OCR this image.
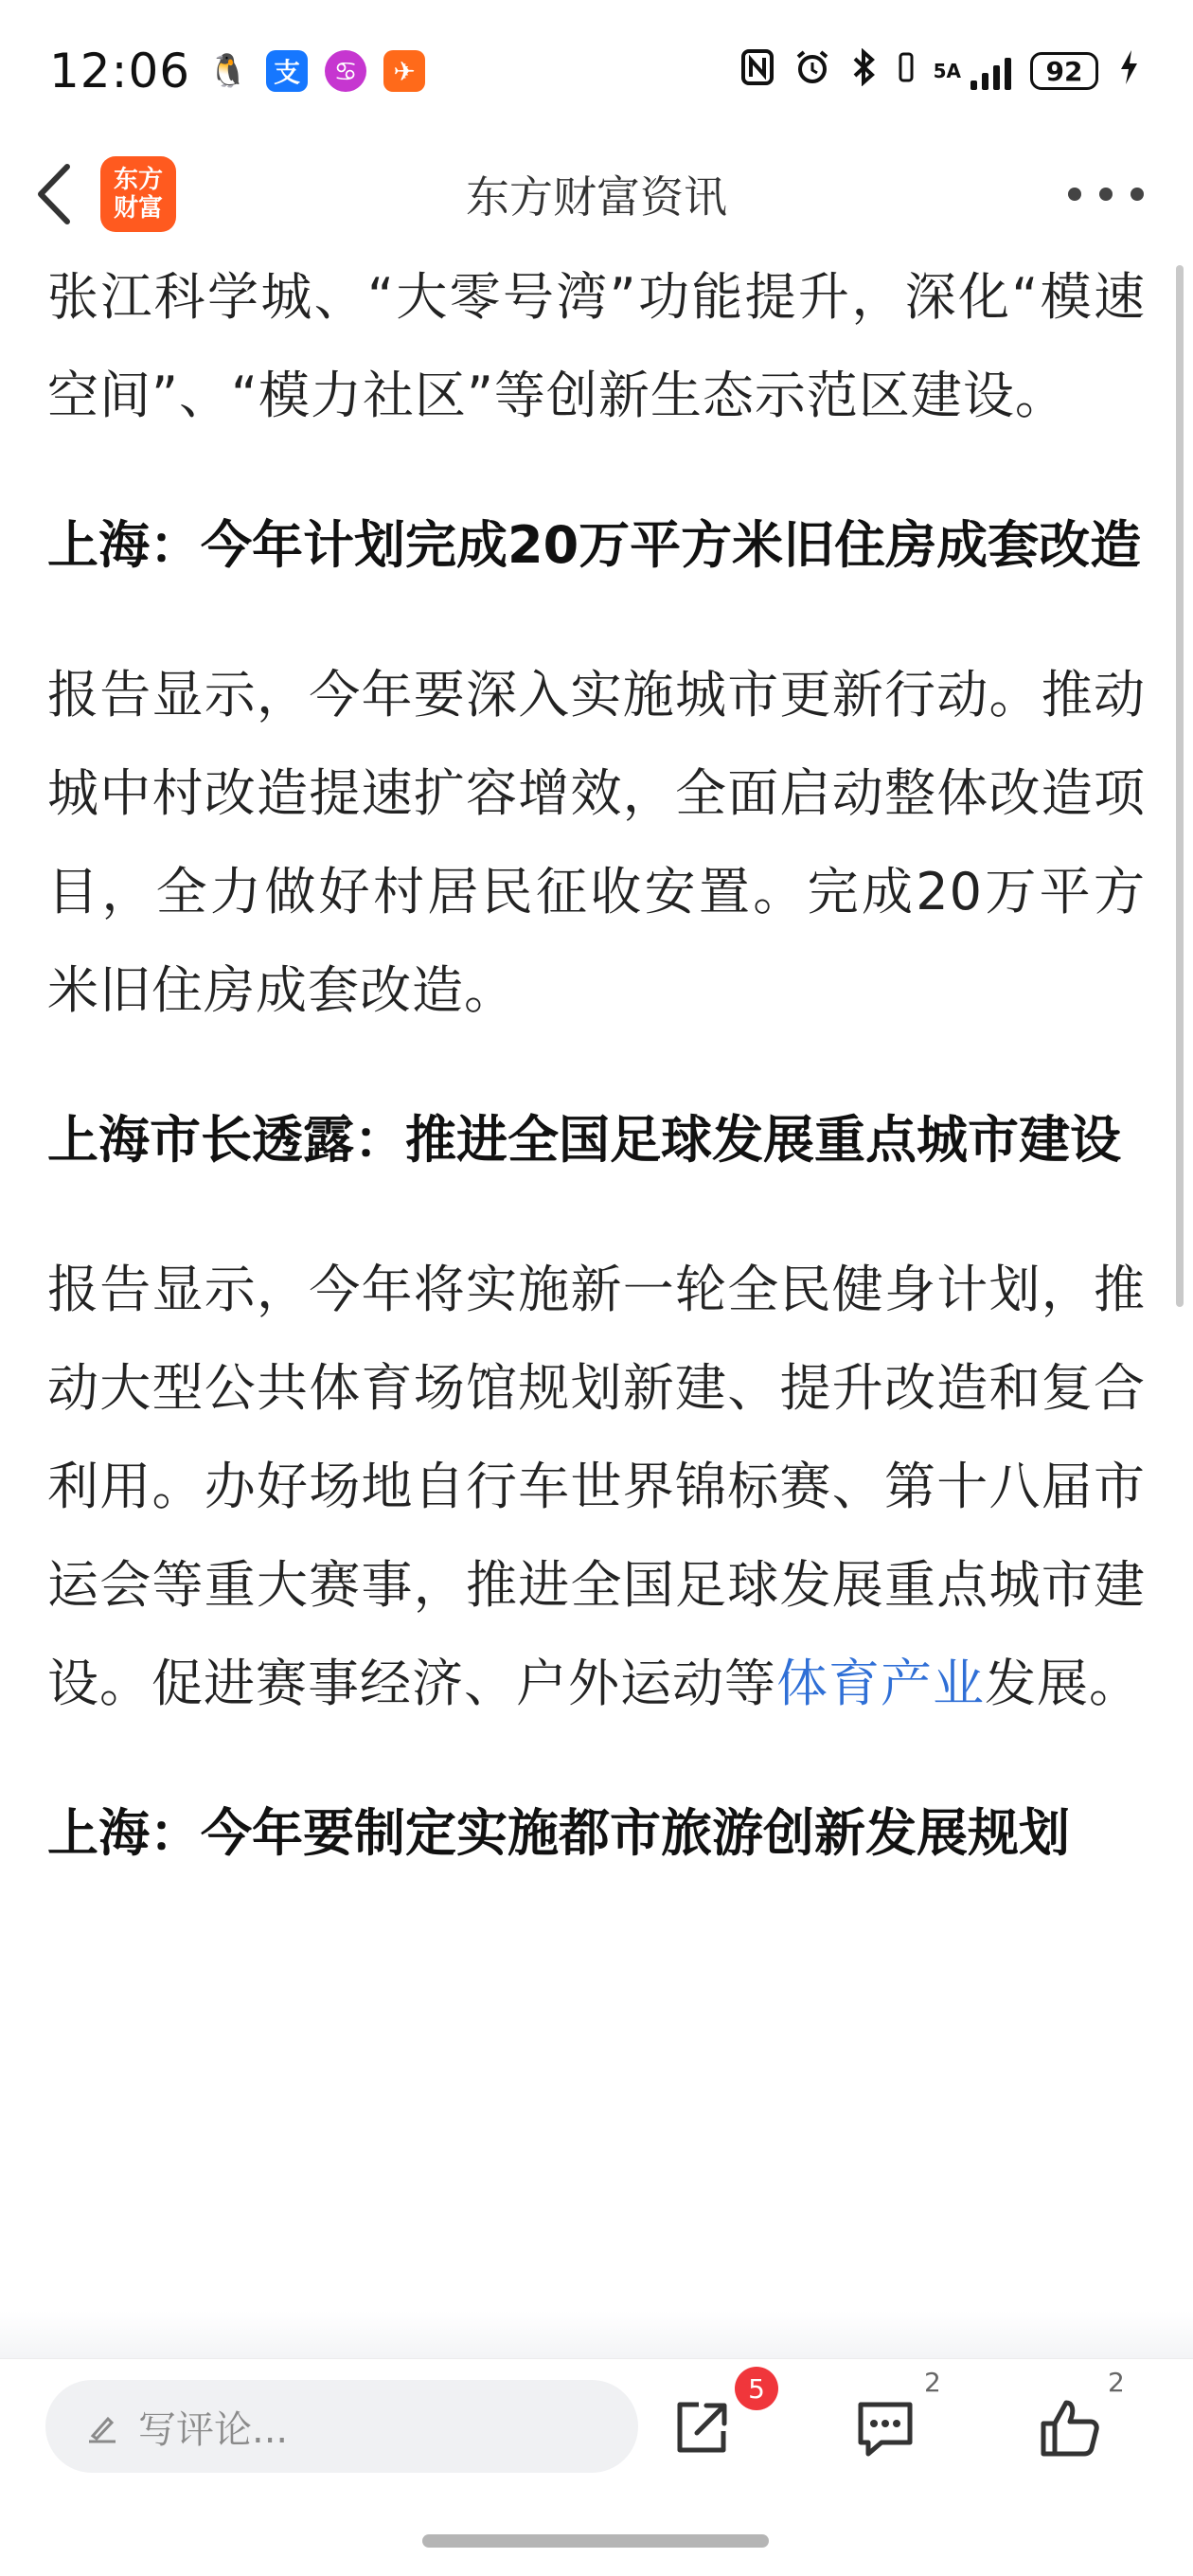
12:06 🐧 支	♋	✈	5A	92
东方
财富	东方财富资讯

张江科学城、“大零号湾”功能提升，深化“模速空间”、“模力社区”等创新生态示范区建设。

上海：今年计划完成20万平方米旧住房成套改造

报告显示，今年要深入实施城市更新行动。推动城中村改造提速扩容增效，全面启动整体改造项目，全力做好村居民征收安置。完成20万平方米旧住房成套改造。

上海市长透露：推进全国足球发展重点城市建设

报告显示，今年将实施新一轮全民健身计划，推动大型公共体育场馆规划新建、提升改造和复合利用。办好场地自行车世界锦标赛、第十八届市运会等重大赛事，推进全国足球发展重点城市建设。促进赛事经济、户外运动等体育产业发展。

上海：今年要制定实施都市旅游创新发展规划

写评论...
5	2	2
